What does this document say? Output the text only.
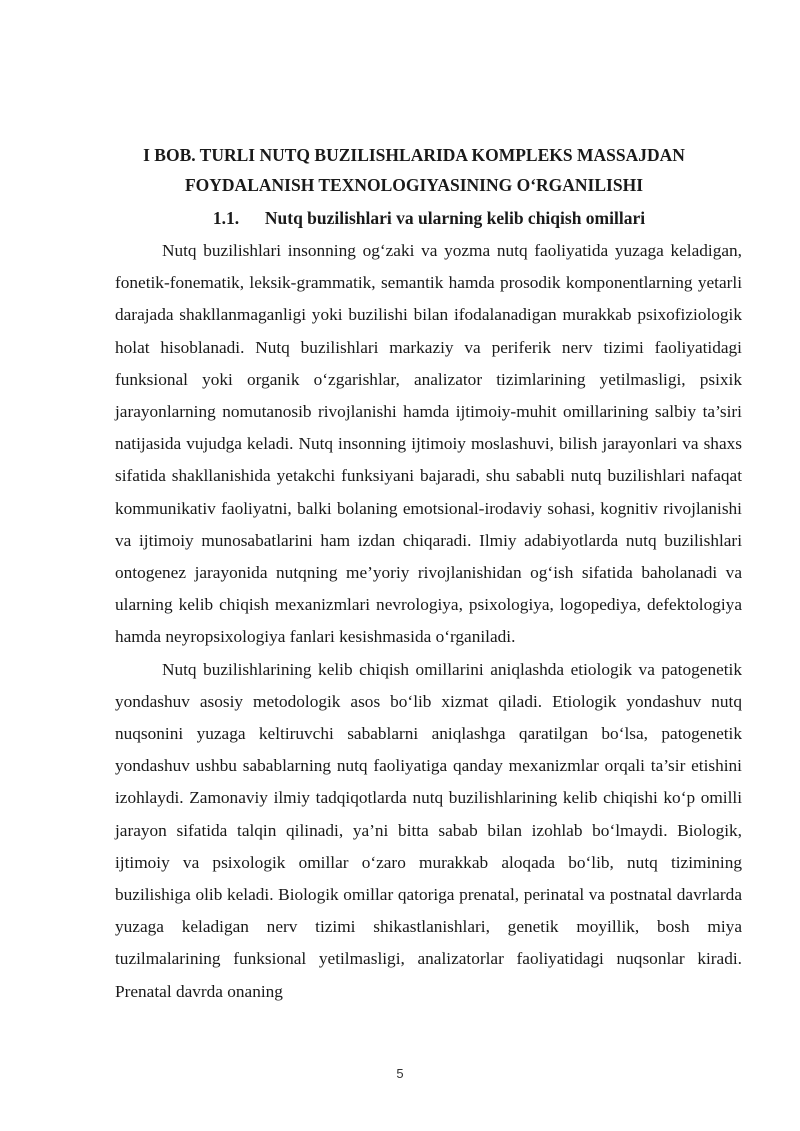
I BOB. TURLI NUTQ BUZILISHLARIDA KOMPLEKS MASSAJDAN
FOYDALANISH TEXNOLOGIYASINING O‘RGANILISHI
1.1. Nutq buzilishlari va ularning kelib chiqish omillari

Nutq buzilishlari insonning og‘zaki va yozma nutq faoliyatida yuzaga keladigan, fonetik-fonematik, leksik-grammatik, semantik hamda prosodik komponentlarning yetarli darajada shakllanmaganligi yoki buzilishi bilan ifodalanadigan murakkab psixofiziologik holat hisoblanadi. Nutq buzilishlari markaziy va periferik nerv tizimi faoliyatidagi funksional yoki organik o‘zgarishlar, analizator tizimlarining yetilmasligi, psixik jarayonlarning nomutanosib rivojlanishi hamda ijtimoiy-muhit omillarining salbiy ta’siri natijasida vujudga keladi. Nutq insonning ijtimoiy moslashuvi, bilish jarayonlari va shaxs sifatida shakllanishida yetakchi funksiyani bajaradi, shu sababli nutq buzilishlari nafaqat kommunikativ faoliyatni, balki bolaning emotsional-irodaviy sohasi, kognitiv rivojlanishi va ijtimoiy munosabatlarini ham izdan chiqaradi. Ilmiy adabiyotlarda nutq buzilishlari ontogenez jarayonida nutqning me’yoriy rivojlanishidan og‘ish sifatida baholanadi va ularning kelib chiqish mexanizmlari nevrologiya, psixologiya, logopediya, defektologiya hamda neyropsixologiya fanlari kesishmasida o‘rganiladi.

Nutq buzilishlarining kelib chiqish omillarini aniqlashda etiologik va patogenetik yondashuv asosiy metodologik asos bo‘lib xizmat qiladi. Etiologik yondashuv nutq nuqsonini yuzaga keltiruvchi sabablarni aniqlashga qaratilgan bo‘lsa, patogenetik yondashuv ushbu sabablarning nutq faoliyatiga qanday mexanizmlar orqali ta’sir etishini izohlaydi. Zamonaviy ilmiy tadqiqotlarda nutq buzilishlarining kelib chiqishi ko‘p omilli jarayon sifatida talqin qilinadi, ya’ni bitta sabab bilan izohlab bo‘lmaydi. Biologik, ijtimoiy va psixologik omillar o‘zaro murakkab aloqada bo‘lib, nutq tizimining buzilishiga olib keladi. Biologik omillar qatoriga prenatal, perinatal va postnatal davrlarda yuzaga keladigan nerv tizimi shikastlanishlari, genetik moyillik, bosh miya tuzilmalarining funksional yetilmasligi, analizatorlar faoliyatidagi nuqsonlar kiradi. Prenatal davrda onaning

5
